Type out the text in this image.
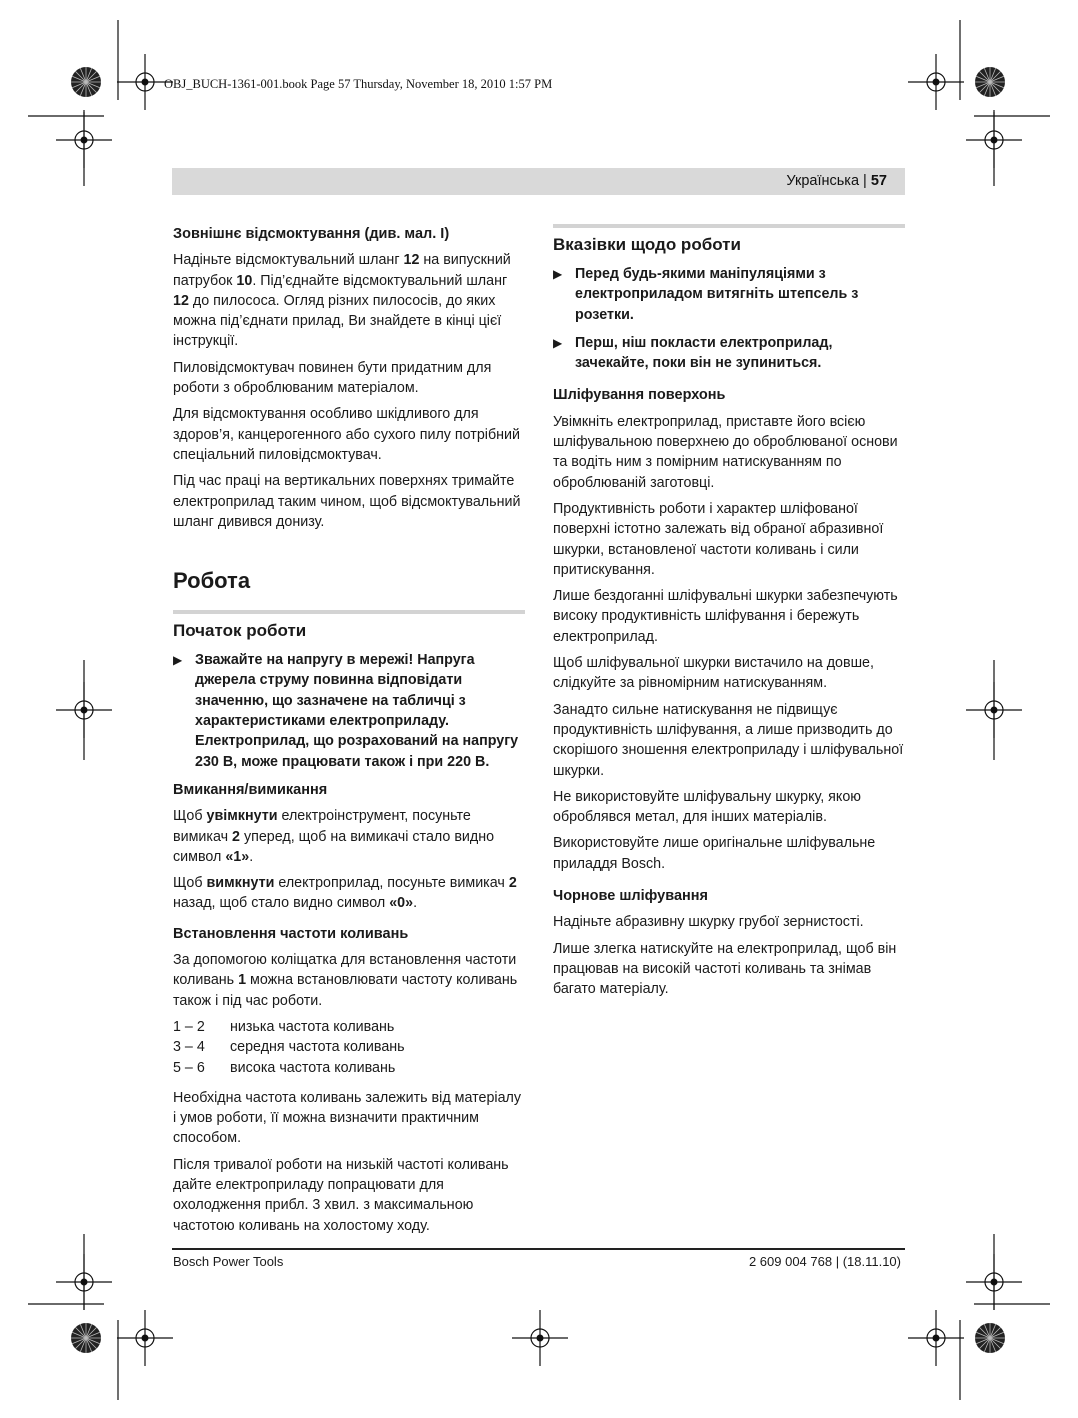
OBJ_BUCH-1361-001.book Page 57 Thursday, November 18, 2010 1:57 PM
Українська | 57
Зовнішнє відсмоктування (див. мал. I)

Надіньте відсмоктувальний шланг 12 на випускний патрубок 10. Під’єднайте відсмоктувальний шланг 12 до пилососа. Огляд різних пилососів, до яких можна під’єднати прилад, Ви знайдете в кінці цієї інструкції.

Пиловідсмоктувач повинен бути придатним для роботи з оброблюваним матеріалом.

Для відсмоктування особливо шкідливого для здоров’я, канцерогенного або сухого пилу потрібний спеціальний пиловідсмоктувач.

Під час праці на вертикальних поверхнях тримайте електроприлад таким чином, щоб відсмоктувальний шланг дивився донизу.

Робота
Початок роботи
▶ Зважайте на напругу в мережі! Напруга джерела струму повинна відповідати значенню, що зазначене на табличці з характеристиками електроприладу. Електроприлад, що розрахований на напругу 230 В, може працювати також і при 220 В.
Вмикання/вимикання

Щоб увімкнути електроінструмент, посуньте вимикач 2 уперед, щоб на вимикачі стало видно символ «1».

Щоб вимкнути електроприлад, посуньте вимикач 2 назад, щоб стало видно символ «0».

Встановлення частоти коливань

За допомогою коліщатка для встановлення частоти коливань 1 можна встановлювати частоту коливань також і під час роботи.

1 – 2	низька частота коливань
3 – 4	середня частота коливань
5 – 6	висока частота коливань

Необхідна частота коливань залежить від матеріалу і умов роботи, її можна визначити практичним способом.

Після тривалої роботи на низькій частоті коливань дайте електроприладу попрацювати для охолодження прибл. 3 хвил. з максимальною частотою коливань на холостому ходу.

Вказівки щодо роботи
▶ Перед будь-якими маніпуляціями з електроприладом витягніть штепсель з розетки.
▶ Перш, ніш покласти електроприлад, зачекайте, поки він не зупиниться.
Шліфування поверхонь

Увімкніть електроприлад, приставте його всією шліфувальною поверхнею до оброблюваної основи та водіть ним з помірним натискуванням по оброблюваній заготовці.

Продуктивність роботи і характер шліфованої поверхні істотно залежать від обраної абразивної шкурки, встановленої частоти коливань і сили притискування.

Лише бездоганні шліфувальні шкурки забезпечують високу продуктивність шліфування і бережуть електроприлад.

Щоб шліфувальної шкурки вистачило на довше, слідкуйте за рівномірним натискуванням.

Занадто сильне натискування не підвищує продуктивність шліфування, а лише призводить до скорішого зношення електроприладу і шліфувальної шкурки.

Не використовуйте шліфувальну шкурку, якою оброблявся метал, для інших матеріалів.

Використовуйте лише оригінальне шліфувальне приладдя Bosch.

Чорнове шліфування

Надіньте абразивну шкурку грубої зернистості.

Лише злегка натискуйте на електроприлад, щоб він працював на високій частоті коливань та знімав багато матеріалу.

Bosch Power Tools	2 609 004 768 | (18.11.10)
